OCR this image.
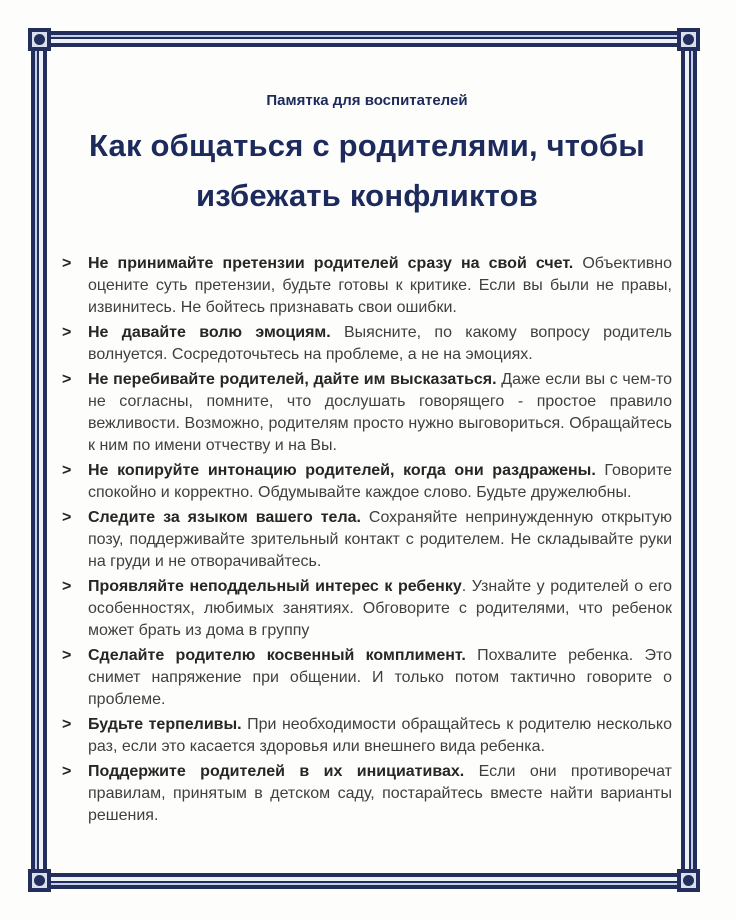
Памятка для воспитателей
Как общаться с родителями, чтобы
избежать конфликтов
>	Не принимайте претензии родителей сразу на свой счет. Объективно оцените суть претензии, будьте готовы к критике. Если вы были не правы, извинитесь. Не бойтесь признавать свои ошибки.
>	Не давайте волю эмоциям. Выясните, по какому вопросу родитель волнуется. Сосредоточьтесь на проблеме, а не на эмоциях.
>	Не перебивайте родителей, дайте им высказаться. Даже если вы с чем-то не согласны, помните, что дослушать говорящего - простое правило вежливости. Возможно, родителям просто нужно выговориться. Обращайтесь к ним по имени отчеству и на Вы.
>	Не копируйте интонацию родителей, когда они раздражены. Говорите спокойно и корректно. Обдумывайте каждое слово. Будьте дружелюбны.
>	Следите за языком вашего тела. Сохраняйте непринужденную открытую позу, поддерживайте зрительный контакт с родителем. Не складывайте руки на груди и не отворачивайтесь.
>	Проявляйте неподдельный интерес к ребенку. Узнайте у родителей о его особенностях, любимых занятиях. Обговорите с родителями, что ребенок может брать из дома в группу
>	Сделайте родителю косвенный комплимент. Похвалите ребенка. Это снимет напряжение при общении. И только потом тактично говорите о проблеме.
>	Будьте терпеливы. При необходимости обращайтесь к родителю несколько раз, если это касается здоровья или внешнего вида ребенка.
>	Поддержите родителей в их инициативах. Если они противоречат правилам, принятым в детском саду, постарайтесь вместе найти варианты решения.
